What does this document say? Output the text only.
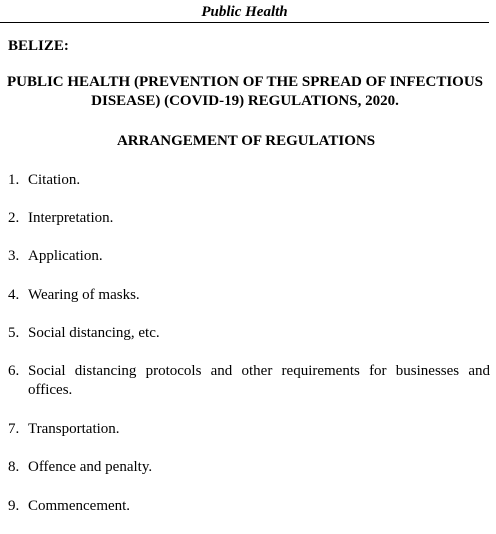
Public Health
BELIZE:
PUBLIC HEALTH (PREVENTION OF THE SPREAD OF INFECTIOUS DISEASE) (COVID-19) REGULATIONS, 2020.
ARRANGEMENT OF REGULATIONS
1. Citation.
2. Interpretation.
3. Application.
4. Wearing of masks.
5. Social distancing, etc.
6. Social distancing protocols and other requirements for businesses and offices.
7. Transportation.
8. Offence and penalty.
9. Commencement.
